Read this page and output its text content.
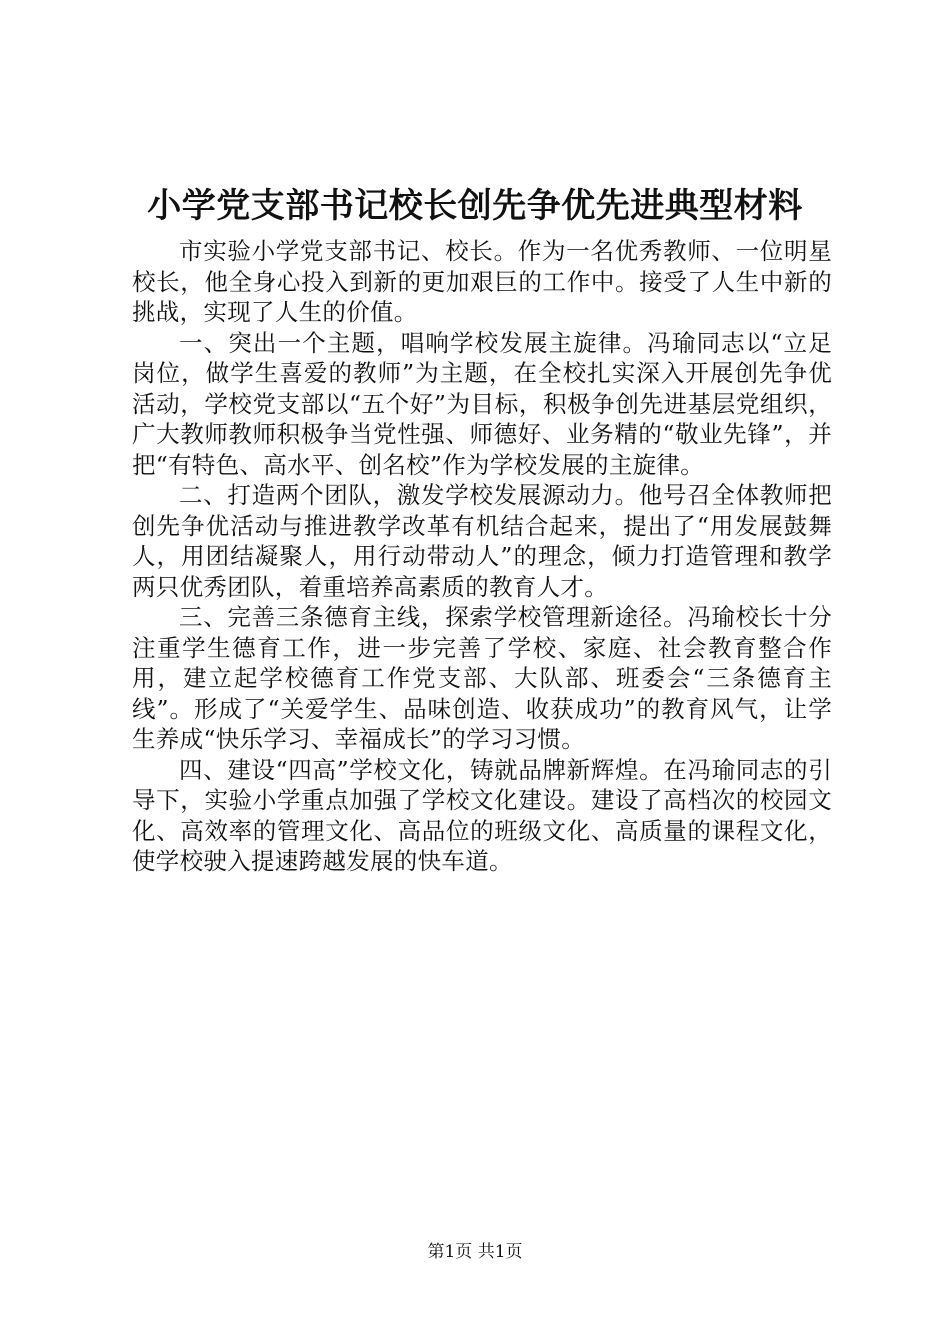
小学党支部书记校长创先争优先进典型材料

市实验小学党支部书记、校长。作为一名优秀教师、一位明星校长，他全身心投入到新的更加艰巨的工作中。接受了人生中新的挑战，实现了人生的价值。

一、突出一个主题，唱响学校发展主旋律。冯瑜同志以“立足岗位，做学生喜爱的教师”为主题，在全校扎实深入开展创先争优活动，学校党支部以“五个好”为目标，积极争创先进基层党组织，广大教师教师积极争当党性强、师德好、业务精的“敬业先锋”，并把“有特色、高水平、创名校”作为学校发展的主旋律。

二、打造两个团队，激发学校发展源动力。他号召全体教师把创先争优活动与推进教学改革有机结合起来，提出了“用发展鼓舞人，用团结凝聚人，用行动带动人”的理念，倾力打造管理和教学两只优秀团队，着重培养高素质的教育人才。

三、完善三条德育主线，探索学校管理新途径。冯瑜校长十分注重学生德育工作，进一步完善了学校、家庭、社会教育整合作用，建立起学校德育工作党支部、大队部、班委会“三条德育主线”。形成了“关爱学生、品味创造、收获成功”的教育风气，让学生养成“快乐学习、幸福成长”的学习习惯。

四、建设“四高”学校文化，铸就品牌新辉煌。在冯瑜同志的引导下，实验小学重点加强了学校文化建设。建设了高档次的校园文化、高效率的管理文化、高品位的班级文化、高质量的课程文化，使学校驶入提速跨越发展的快车道。

第1页 共1页
